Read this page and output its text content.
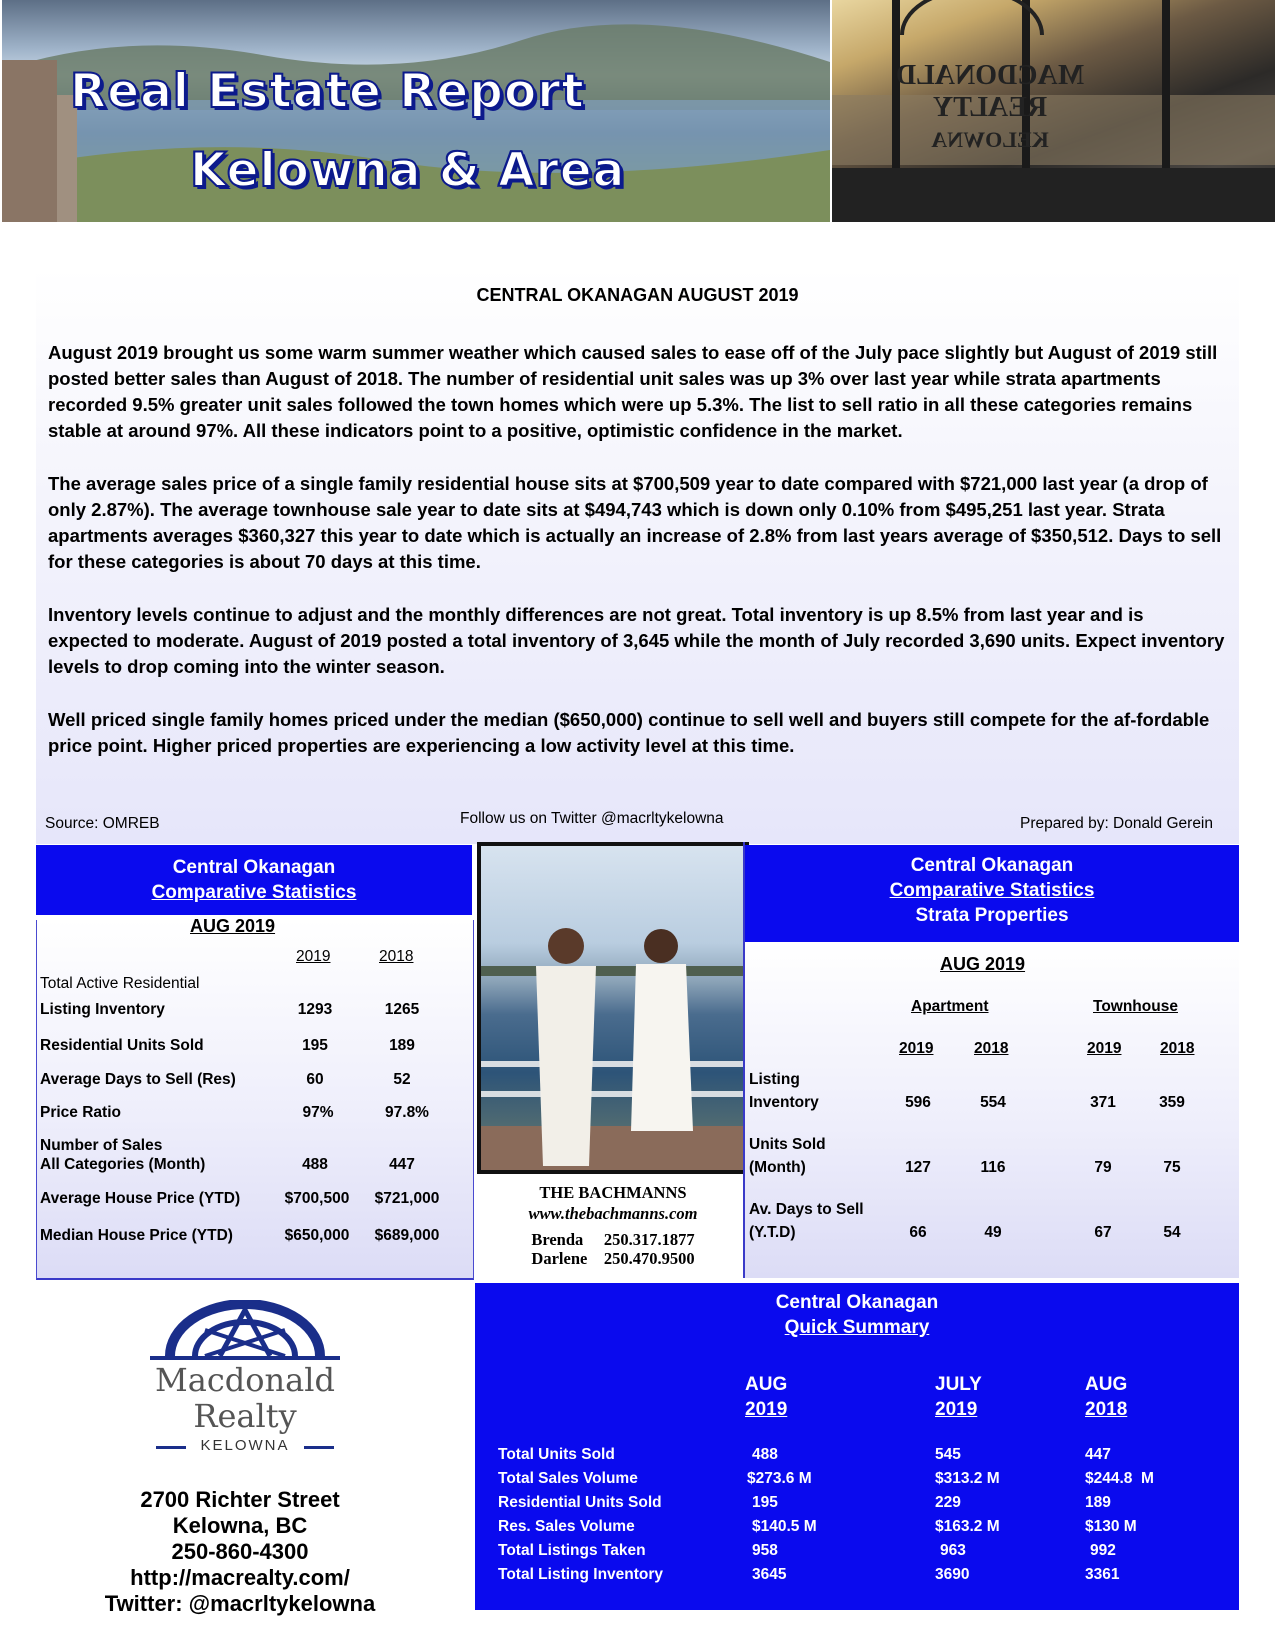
Real Estate Report
Kelowna & Area
MACDONALD
REALTY
KELOWNA
CENTRAL OKANAGAN AUGUST 2019
August 2019 brought us some warm summer weather which caused sales to ease off of the July pace slightly but August of 2019 still posted better sales than August of 2018. The number of residential unit sales was up 3% over last year while strata apartments recorded 9.5% greater unit sales followed the town homes which were up 5.3%. The list to sell ratio in all these categories remains stable at around 97%. All these indicators point to a positive, optimistic confidence in the market.
The average sales price of a single family residential house sits at $700,509 year to date compared with $721,000 last year (a drop of only 2.87%). The average townhouse sale year to date sits at $494,743 which is down only 0.10% from $495,251 last year. Strata apartments averages $360,327 this year to date which is actually an increase of 2.8% from last years average of $350,512. Days to sell for these categories is about 70 days at this time.
Inventory levels continue to adjust and the monthly differences are not great. Total inventory is up 8.5% from last year and is expected to moderate. August of 2019 posted a total inventory of 3,645 while the month of July recorded 3,690 units. Expect inventory levels to drop coming into the winter season.
Well priced single family homes priced under the median ($650,000) continue to sell well and buyers still compete for the af-fordable price point. Higher priced properties are experiencing a low activity level at this time.
Source: OMREB	Follow us on Twitter @macrltykelowna	Prepared by: Donald Gerein
Central Okanagan
Comparative Statistics
AUG 2019
2019	2018
Total Active Residential
Listing Inventory	1293	1265
Residential Units Sold	195	189
Average Days to Sell (Res)	60	52
Price Ratio	97%	97.8%
Number of Sales
All Categories (Month)	488	447
Average House Price (YTD)	$700,500	$721,000
Median House Price (YTD)	$650,000	$689,000
THE BACHMANNS
www.thebachmanns.com
Brenda     250.317.1877
Darlene    250.470.9500
Central Okanagan
Comparative Statistics
Strata Properties
AUG 2019
Apartment	Townhouse
2019	2018	2019 2018
Listing
Inventory	596	554	371	359
Units Sold
(Month)	127	116	79	75
Av. Days to Sell
(Y.T.D)	66	49	67	54
Macdonald
Realty
KELOWNA
2700 Richter Street
Kelowna, BC
250-860-4300
http://macrealty.com/
Twitter: @macrltykelowna
Central Okanagan
Quick Summary
AUG
2019
JULY
2019
AUG
2018
Total Units Sold	488	545	447
Total Sales Volume	$273.6 M	$313.2 M	$244.8  M
Residential Units Sold	195	229	189
Res. Sales Volume	$140.5 M	$163.2 M	$130 M
Total Listings Taken	958	963	992
Total Listing Inventory	3645	3690	3361
